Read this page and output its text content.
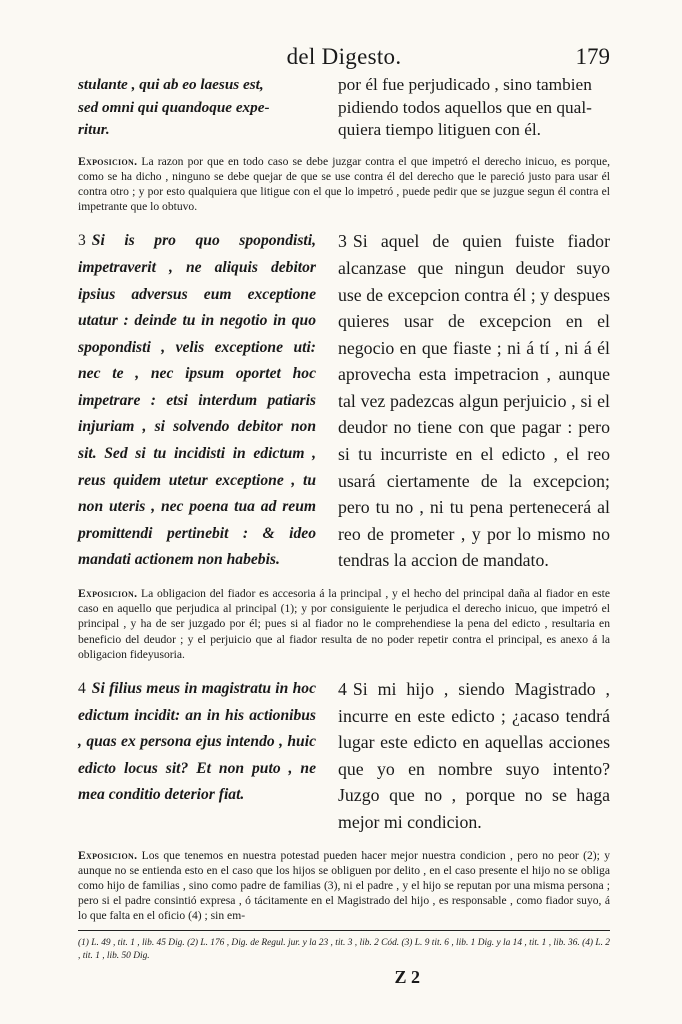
del Digesto.	179

stulante , qui ab eo laesus est,

sed omni qui quandoque expe-

ritur.

por él fue perjudicado , sino tambien

pidiendo todos aquellos que en qual-

quiera tiempo litiguen con él.

Exposicion. La razon por que en todo caso se debe juzgar contra el que impetró el derecho inicuo, es porque, como se ha dicho , ninguno se debe quejar de que se use contra él del derecho que le pareció justo para usar él contra otro ; y por esto qualquiera que litigue con el que lo impetró , puede pedir que se juzgue segun él contra el impetrante que lo obtuvo.

3 Si is pro quo spopondisti, impetraverit , ne aliquis debitor ipsius adversus eum exceptione utatur : deinde tu in negotio in quo spopondisti , velis exceptione uti: nec te , nec ipsum oportet hoc impetrare : etsi interdum patiaris injuriam , si solvendo debitor non sit. Sed si tu incidisti in edictum , reus quidem utetur exceptione , tu non uteris , nec poena tua ad reum promittendi pertinebit : & ideo mandati actionem non habebis.

3 Si aquel de quien fuiste fiador alcanzase que ningun deudor suyo use de excepcion contra él ; y despues quieres usar de excepcion en el negocio en que fiaste ; ni á tí , ni á él aprovecha esta impetracion , aunque tal vez padezcas algun perjuicio , si el deudor no tiene con que pagar : pero si tu incurriste en el edicto , el reo usará ciertamente de la excepcion; pero tu no , ni tu pena pertenecerá al reo de prometer , y por lo mismo no tendras la accion de mandato.

Exposicion. La obligacion del fiador es accesoria á la principal , y el hecho del principal daña al fiador en este caso en aquello que perjudica al principal (1); y por consiguiente le perjudica el derecho inicuo, que impetró el principal , y ha de ser juzgado por él; pues si al fiador no le comprehendiese la pena del edicto , resultaria en beneficio del deudor ; y el perjuicio que al fiador resulta de no poder repetir contra el principal, es anexo á la obligacion fideyusoria.

4 Si filius meus in magistratu in hoc edictum incidit: an in his actionibus , quas ex persona ejus intendo , huic edicto locus sit? Et non puto , ne mea conditio deterior fiat.

4 Si mi hijo , siendo Magistrado , incurre en este edicto ; ¿acaso tendrá lugar este edicto en aquellas acciones que yo en nombre suyo intento? Juzgo que no , porque no se haga mejor mi condicion.

Exposicion. Los que tenemos en nuestra potestad pueden hacer mejor nuestra condicion , pero no peor (2); y aunque no se entienda esto en el caso que los hijos se obliguen por delito , en el caso presente el hijo no se obliga como hijo de familias , sino como padre de familias (3), ni el padre , y el hijo se reputan por una misma persona ; pero si el padre consintió expresa , ó tácitamente en el Magistrado del hijo , es responsable , como fiador suyo, á lo que falta en el oficio (4) ; sin em-
(1) L. 49 , tit. 1 , lib. 45 Dig. (2) L. 176 , Dig. de Regul. jur. y la 23 , tit. 3 , lib. 2 Cód. (3) L. 9 tit. 6 , lib. 1 Dig. y la 14 , tit. 1 , lib. 36. (4) L. 2 , tit. 1 , lib. 50 Dig.
Z 2
